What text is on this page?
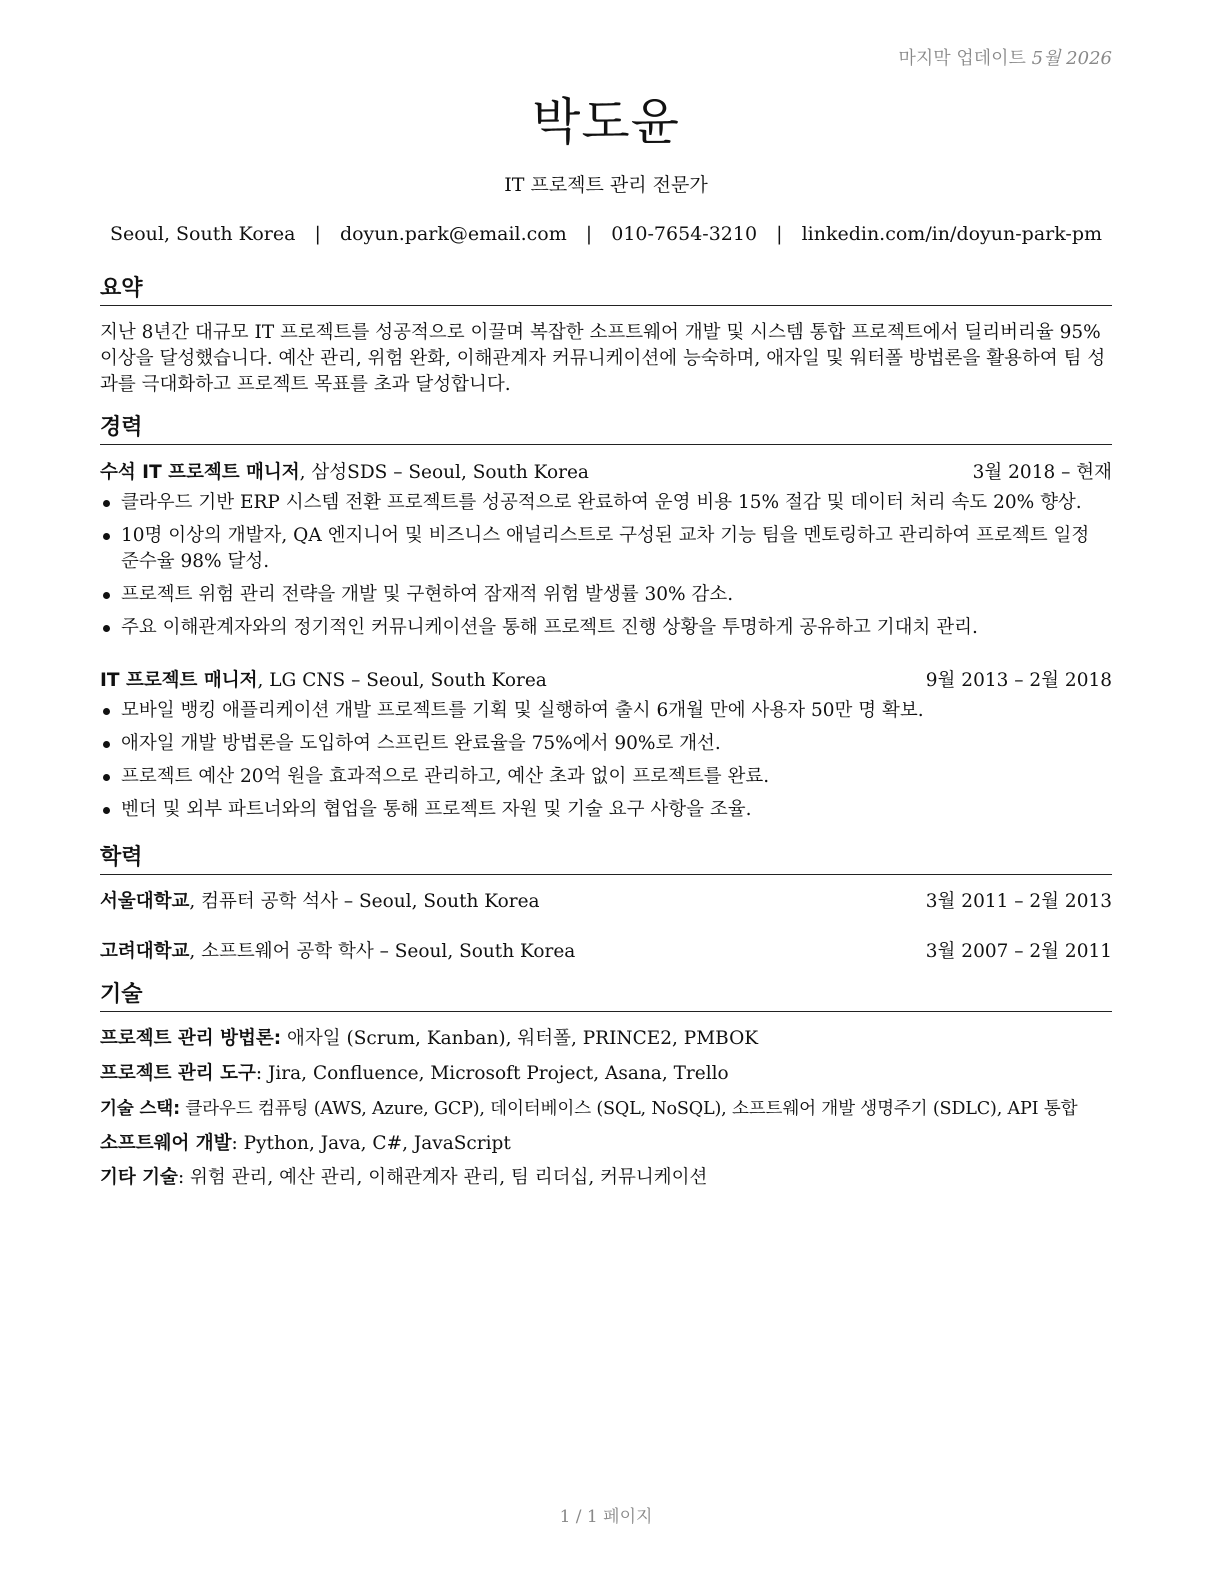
마지막 업데이트 5월 2026
박도윤
IT 프로젝트 관리 전문가
Seoul, South Korea | doyun.park@email.com | 010-7654-3210 | linkedin.com/in/doyun-park-pm
요약
지난 8년간 대규모 IT 프로젝트를 성공적으로 이끌며 복잡한 소프트웨어 개발 및 시스템 통합 프로젝트에서 딜리버리율 95% 이상을 달성했습니다. 예산 관리, 위험 완화, 이해관계자 커뮤니케이션에 능숙하며, 애자일 및 워터폴 방법론을 활용하여 팀 성과를 극대화하고 프로젝트 목표를 초과 달성합니다.
경력
수석 IT 프로젝트 매니저, 삼성SDS – Seoul, South Korea	3월 2018 – 현재
클라우드 기반 ERP 시스템 전환 프로젝트를 성공적으로 완료하여 운영 비용 15% 절감 및 데이터 처리 속도 20% 향상.
10명 이상의 개발자, QA 엔지니어 및 비즈니스 애널리스트로 구성된 교차 기능 팀을 멘토링하고 관리하여 프로젝트 일정 준수율 98% 달성.
프로젝트 위험 관리 전략을 개발 및 구현하여 잠재적 위험 발생률 30% 감소.
주요 이해관계자와의 정기적인 커뮤니케이션을 통해 프로젝트 진행 상황을 투명하게 공유하고 기대치 관리.
IT 프로젝트 매니저, LG CNS – Seoul, South Korea	9월 2013 – 2월 2018
모바일 뱅킹 애플리케이션 개발 프로젝트를 기획 및 실행하여 출시 6개월 만에 사용자 50만 명 확보.
애자일 개발 방법론을 도입하여 스프린트 완료율을 75%에서 90%로 개선.
프로젝트 예산 20억 원을 효과적으로 관리하고, 예산 초과 없이 프로젝트를 완료.
벤더 및 외부 파트너와의 협업을 통해 프로젝트 자원 및 기술 요구 사항을 조율.
학력
서울대학교, 컴퓨터 공학 석사 – Seoul, South Korea	3월 2011 – 2월 2013
고려대학교, 소프트웨어 공학 학사 – Seoul, South Korea	3월 2007 – 2월 2011
기술
프로젝트 관리 방법론: 애자일 (Scrum, Kanban), 워터폴, PRINCE2, PMBOK
프로젝트 관리 도구: Jira, Confluence, Microsoft Project, Asana, Trello
기술 스택: 클라우드 컴퓨팅 (AWS, Azure, GCP), 데이터베이스 (SQL, NoSQL), 소프트웨어 개발 생명주기 (SDLC), API 통합
소프트웨어 개발: Python, Java, C#, JavaScript
기타 기술: 위험 관리, 예산 관리, 이해관계자 관리, 팀 리더십, 커뮤니케이션
1 / 1 페이지
